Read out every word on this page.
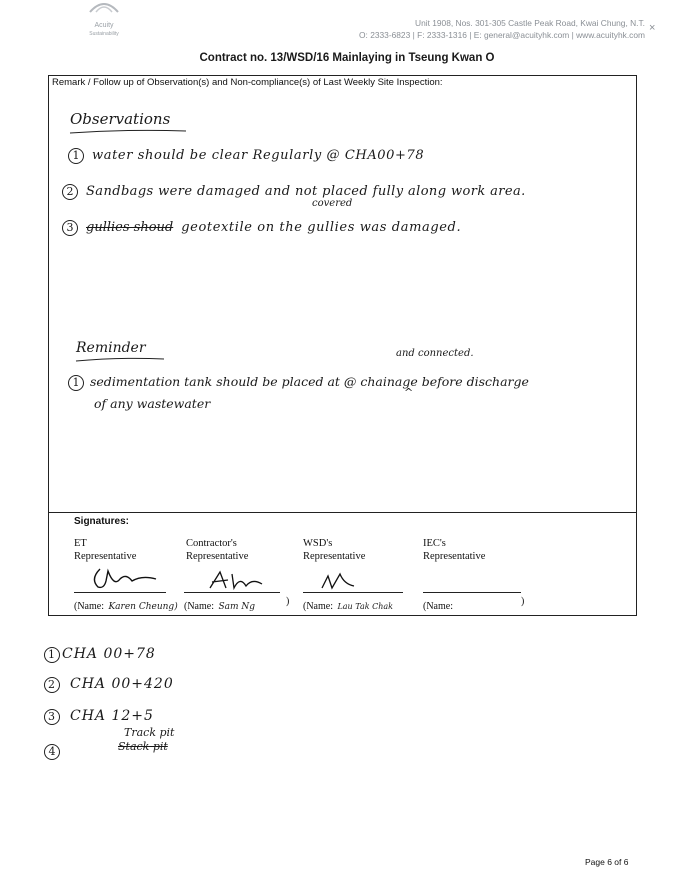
Acuity
Sustainability
Unit 1908, Nos. 301-305 Castle Peak Road, Kwai Chung, N.T.
O: 2333-6823 | F: 2333-1316 | E: general@acuityhk.com | www.acuityhk.com
×
Contract no. 13/WSD/16 Mainlaying in Tseung Kwan O
Remark / Follow up of Observation(s) and Non-compliance(s) of Last Weekly Site Inspection:
Observations
1 water should be clear Regularly @ CHA00+78
2 Sandbags were damaged and not placed fully along work area.
covered
3 gullies shoud geotextile on the gullies was damaged.
Reminder	and connected.
1 sedimentation tank should be placed at @ chainage before discharge
^
of any wastewater
Signatures:
ET
Representative
(Name: Karen Cheung)
Contractor's
Representative
(Name: Sam Ng	)
WSD's
Representative
(Name: Lau Tak Chak
IEC's
Representative
(Name:	)
1 CHA 00+78
2 CHA 00+420
3 CHA 12+5
4
Track pit
Stack pit
Page 6 of 6
